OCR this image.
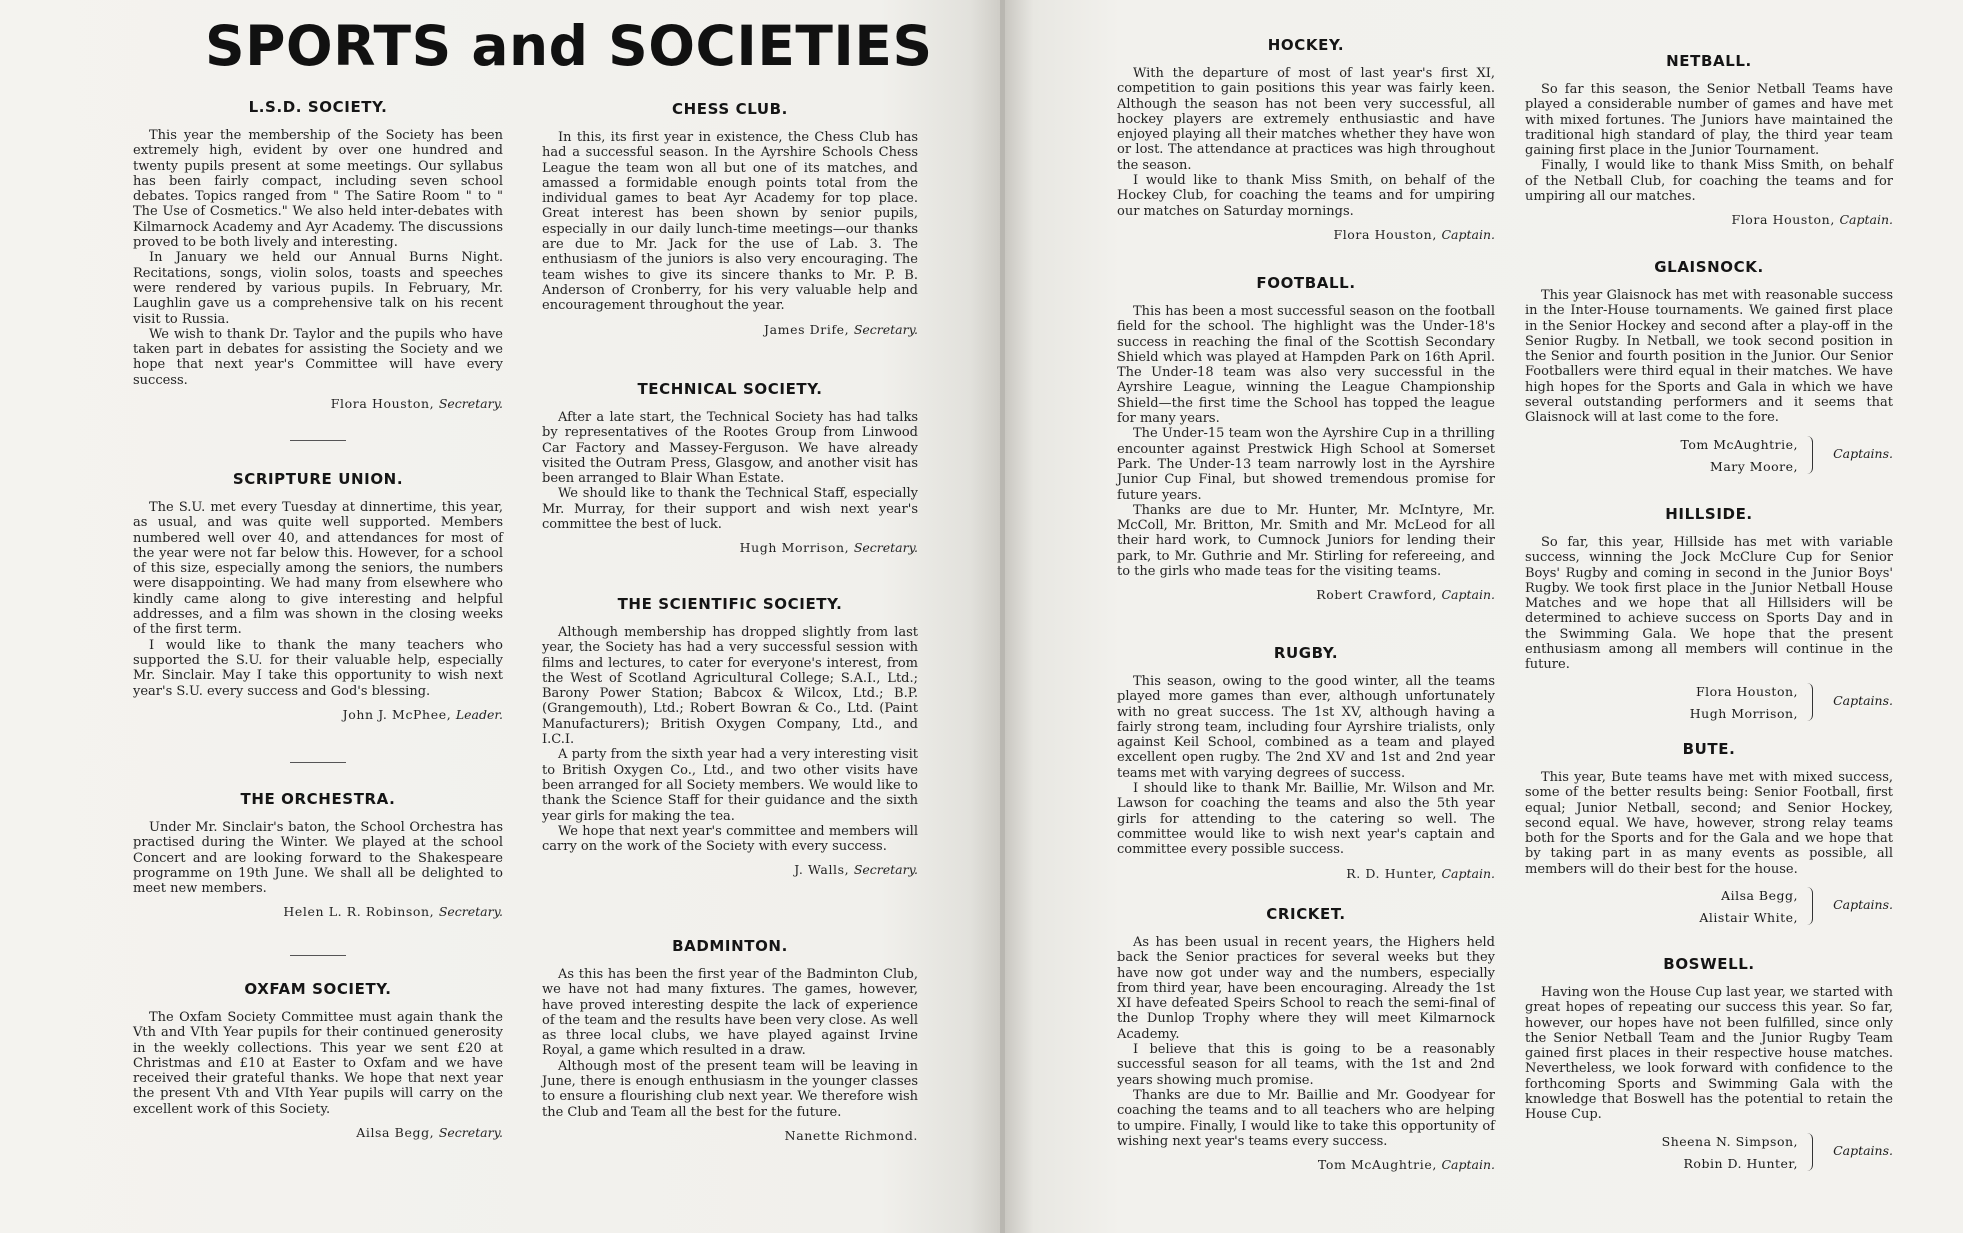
SPORTS and SOCIETIES
L.S.D. SOCIETY.

This year the membership of the Society has been extremely high, evident by over one hundred and twenty pupils present at some meetings. Our syllabus has been fairly compact, including seven school debates. Topics ranged from " The Satire Room " to " The Use of Cosmetics." We also held inter-debates with Kilmarnock Academy and Ayr Academy. The discussions proved to be both lively and interesting.

In January we held our Annual Burns Night. Recitations, songs, violin solos, toasts and speeches were rendered by various pupils. In February, Mr. Laughlin gave us a comprehensive talk on his recent visit to Russia.

We wish to thank Dr. Taylor and the pupils who have taken part in debates for assisting the Society and we hope that next year's Committee will have every success.

Flora Houston, Secretary.
SCRIPTURE UNION.

The S.U. met every Tuesday at dinnertime, this year, as usual, and was quite well supported. Members numbered well over 40, and attendances for most of the year were not far below this. However, for a school of this size, especially among the seniors, the numbers were disappointing. We had many from elsewhere who kindly came along to give interesting and helpful addresses, and a film was shown in the closing weeks of the first term.

I would like to thank the many teachers who supported the S.U. for their valuable help, especially Mr. Sinclair. May I take this opportunity to wish next year's S.U. every success and God's blessing.

John J. McPhee, Leader.
THE ORCHESTRA.

Under Mr. Sinclair's baton, the School Orchestra has practised during the Winter. We played at the school Concert and are looking forward to the Shakespeare programme on 19th June. We shall all be delighted to meet new members.

Helen L. R. Robinson, Secretary.
OXFAM SOCIETY.

The Oxfam Society Committee must again thank the Vth and VIth Year pupils for their continued generosity in the weekly collections. This year we sent £20 at Christmas and £10 at Easter to Oxfam and we have received their grateful thanks. We hope that next year the present Vth and VIth Year pupils will carry on the excellent work of this Society.

Ailsa Begg, Secretary.
CHESS CLUB.

In this, its first year in existence, the Chess Club has had a successful season. In the Ayrshire Schools Chess League the team won all but one of its matches, and amassed a formidable enough points total from the individual games to beat Ayr Academy for top place. Great interest has been shown by senior pupils, especially in our daily lunch-time meetings—our thanks are due to Mr. Jack for the use of Lab. 3. The enthusiasm of the juniors is also very encouraging. The team wishes to give its sincere thanks to Mr. P. B. Anderson of Cronberry, for his very valuable help and encouragement throughout the year.

James Drife, Secretary.
TECHNICAL SOCIETY.

After a late start, the Technical Society has had talks by representatives of the Rootes Group from Linwood Car Factory and Massey-Ferguson. We have already visited the Outram Press, Glasgow, and another visit has been arranged to Blair Whan Estate.

We should like to thank the Technical Staff, especially Mr. Murray, for their support and wish next year's committee the best of luck.

Hugh Morrison, Secretary.
THE SCIENTIFIC SOCIETY.

Although membership has dropped slightly from last year, the Society has had a very successful session with films and lectures, to cater for everyone's interest, from the West of Scotland Agricultural College; S.A.I., Ltd.; Barony Power Station; Babcox & Wilcox, Ltd.; B.P. (Grangemouth), Ltd.; Robert Bowran & Co., Ltd. (Paint Manufacturers); British Oxygen Company, Ltd., and I.C.I.

A party from the sixth year had a very interesting visit to British Oxygen Co., Ltd., and two other visits have been arranged for all Society members. We would like to thank the Science Staff for their guidance and the sixth year girls for making the tea.

We hope that next year's committee and members will carry on the work of the Society with every success.

J. Walls, Secretary.
BADMINTON.

As this has been the first year of the Badminton Club, we have not had many fixtures. The games, however, have proved interesting despite the lack of experience of the team and the results have been very close. As well as three local clubs, we have played against Irvine Royal, a game which resulted in a draw.

Although most of the present team will be leaving in June, there is enough enthusiasm in the younger classes to ensure a flourishing club next year. We therefore wish the Club and Team all the best for the future.

Nanette Richmond.
HOCKEY.

With the departure of most of last year's first XI, competition to gain positions this year was fairly keen. Although the season has not been very successful, all hockey players are extremely enthusiastic and have enjoyed playing all their matches whether they have won or lost. The attendance at practices was high throughout the season.

I would like to thank Miss Smith, on behalf of the Hockey Club, for coaching the teams and for umpiring our matches on Saturday mornings.

Flora Houston, Captain.
FOOTBALL.

This has been a most successful season on the football field for the school. The highlight was the Under-18's success in reaching the final of the Scottish Secondary Shield which was played at Hampden Park on 16th April. The Under-18 team was also very successful in the Ayrshire League, winning the League Championship Shield—the first time the School has topped the league for many years.

The Under-15 team won the Ayrshire Cup in a thrilling encounter against Prestwick High School at Somerset Park. The Under-13 team narrowly lost in the Ayrshire Junior Cup Final, but showed tremendous promise for future years.

Thanks are due to Mr. Hunter, Mr. McIntyre, Mr. McColl, Mr. Britton, Mr. Smith and Mr. McLeod for all their hard work, to Cumnock Juniors for lending their park, to Mr. Guthrie and Mr. Stirling for refereeing, and to the girls who made teas for the visiting teams.

Robert Crawford, Captain.
RUGBY.

This season, owing to the good winter, all the teams played more games than ever, although unfortunately with no great success. The 1st XV, although having a fairly strong team, including four Ayrshire trialists, only against Keil School, combined as a team and played excellent open rugby. The 2nd XV and 1st and 2nd year teams met with varying degrees of success.

I should like to thank Mr. Baillie, Mr. Wilson and Mr. Lawson for coaching the teams and also the 5th year girls for attending to the catering so well. The committee would like to wish next year's captain and committee every possible success.

R. D. Hunter, Captain.
CRICKET.

As has been usual in recent years, the Highers held back the Senior practices for several weeks but they have now got under way and the numbers, especially from third year, have been encouraging. Already the 1st XI have defeated Speirs School to reach the semi-final of the Dunlop Trophy where they will meet Kilmarnock Academy.

I believe that this is going to be a reasonably successful season for all teams, with the 1st and 2nd years showing much promise.

Thanks are due to Mr. Baillie and Mr. Goodyear for coaching the teams and to all teachers who are helping to umpire. Finally, I would like to take this opportunity of wishing next year's teams every success.

Tom McAughtrie, Captain.
NETBALL.

So far this season, the Senior Netball Teams have played a considerable number of games and have met with mixed fortunes. The Juniors have maintained the traditional high standard of play, the third year team gaining first place in the Junior Tournament.

Finally, I would like to thank Miss Smith, on behalf of the Netball Club, for coaching the teams and for umpiring all our matches.

Flora Houston, Captain.
GLAISNOCK.

This year Glaisnock has met with reasonable success in the Inter-House tournaments. We gained first place in the Senior Hockey and second after a play-off in the Senior Rugby. In Netball, we took second position in the Senior and fourth position in the Junior. Our Senior Footballers were third equal in their matches. We have high hopes for the Sports and Gala in which we have several outstanding performers and it seems that Glaisnock will at last come to the fore.

Tom McAughtrie,
Mary Moore,
Captains.
HILLSIDE.

So far, this year, Hillside has met with variable success, winning the Jock McClure Cup for Senior Boys' Rugby and coming in second in the Junior Boys' Rugby. We took first place in the Junior Netball House Matches and we hope that all Hillsiders will be determined to achieve success on Sports Day and in the Swimming Gala. We hope that the present enthusiasm among all members will continue in the future.

Flora Houston,
Hugh Morrison,
Captains.
BUTE.

This year, Bute teams have met with mixed success, some of the better results being: Senior Football, first equal; Junior Netball, second; and Senior Hockey, second equal. We have, however, strong relay teams both for the Sports and for the Gala and we hope that by taking part in as many events as possible, all members will do their best for the house.

Ailsa Begg,
Alistair White,
Captains.
BOSWELL.

Having won the House Cup last year, we started with great hopes of repeating our success this year. So far, however, our hopes have not been fulfilled, since only the Senior Netball Team and the Junior Rugby Team gained first places in their respective house matches. Nevertheless, we look forward with confidence to the forthcoming Sports and Swimming Gala with the knowledge that Boswell has the potential to retain the House Cup.

Sheena N. Simpson,
Robin D. Hunter,
Captains.
